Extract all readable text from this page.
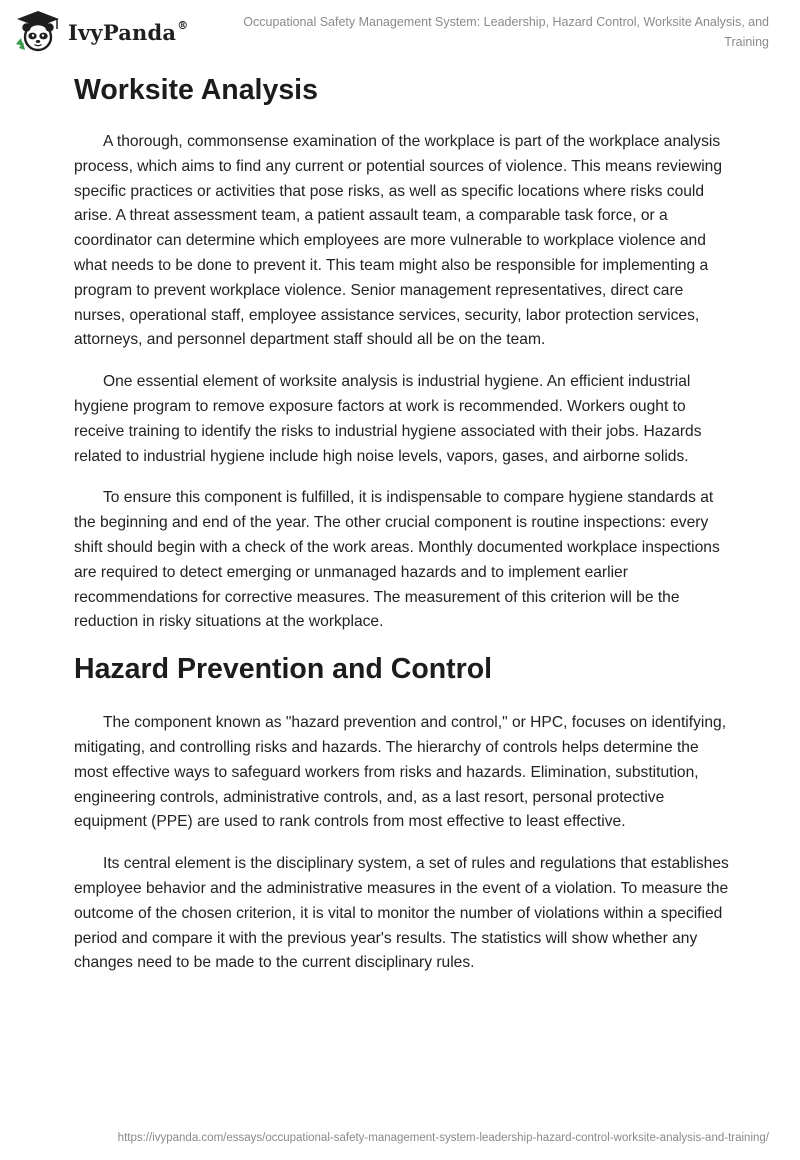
IvyPanda®	Occupational Safety Management System: Leadership, Hazard Control, Worksite Analysis, and Training
Worksite Analysis

A thorough, commonsense examination of the workplace is part of the workplace analysis process, which aims to find any current or potential sources of violence. This means reviewing specific practices or activities that pose risks, as well as specific locations where risks could arise. A threat assessment team, a patient assault team, a comparable task force, or a coordinator can determine which employees are more vulnerable to workplace violence and what needs to be done to prevent it. This team might also be responsible for implementing a program to prevent workplace violence. Senior management representatives, direct care nurses, operational staff, employee assistance services, security, labor protection services, attorneys, and personnel department staff should all be on the team.

One essential element of worksite analysis is industrial hygiene. An efficient industrial hygiene program to remove exposure factors at work is recommended. Workers ought to receive training to identify the risks to industrial hygiene associated with their jobs. Hazards related to industrial hygiene include high noise levels, vapors, gases, and airborne solids.

To ensure this component is fulfilled, it is indispensable to compare hygiene standards at the beginning and end of the year. The other crucial component is routine inspections: every shift should begin with a check of the work areas. Monthly documented workplace inspections are required to detect emerging or unmanaged hazards and to implement earlier recommendations for corrective measures. The measurement of this criterion will be the reduction in risky situations at the workplace.

Hazard Prevention and Control

The component known as "hazard prevention and control," or HPC, focuses on identifying, mitigating, and controlling risks and hazards. The hierarchy of controls helps determine the most effective ways to safeguard workers from risks and hazards. Elimination, substitution, engineering controls, administrative controls, and, as a last resort, personal protective equipment (PPE) are used to rank controls from most effective to least effective.

Its central element is the disciplinary system, a set of rules and regulations that establishes employee behavior and the administrative measures in the event of a violation. To measure the outcome of the chosen criterion, it is vital to monitor the number of violations within a specified period and compare it with the previous year's results. The statistics will show whether any changes need to be made to the current disciplinary rules.

https://ivypanda.com/essays/occupational-safety-management-system-leadership-hazard-control-worksite-analysis-and-training/
